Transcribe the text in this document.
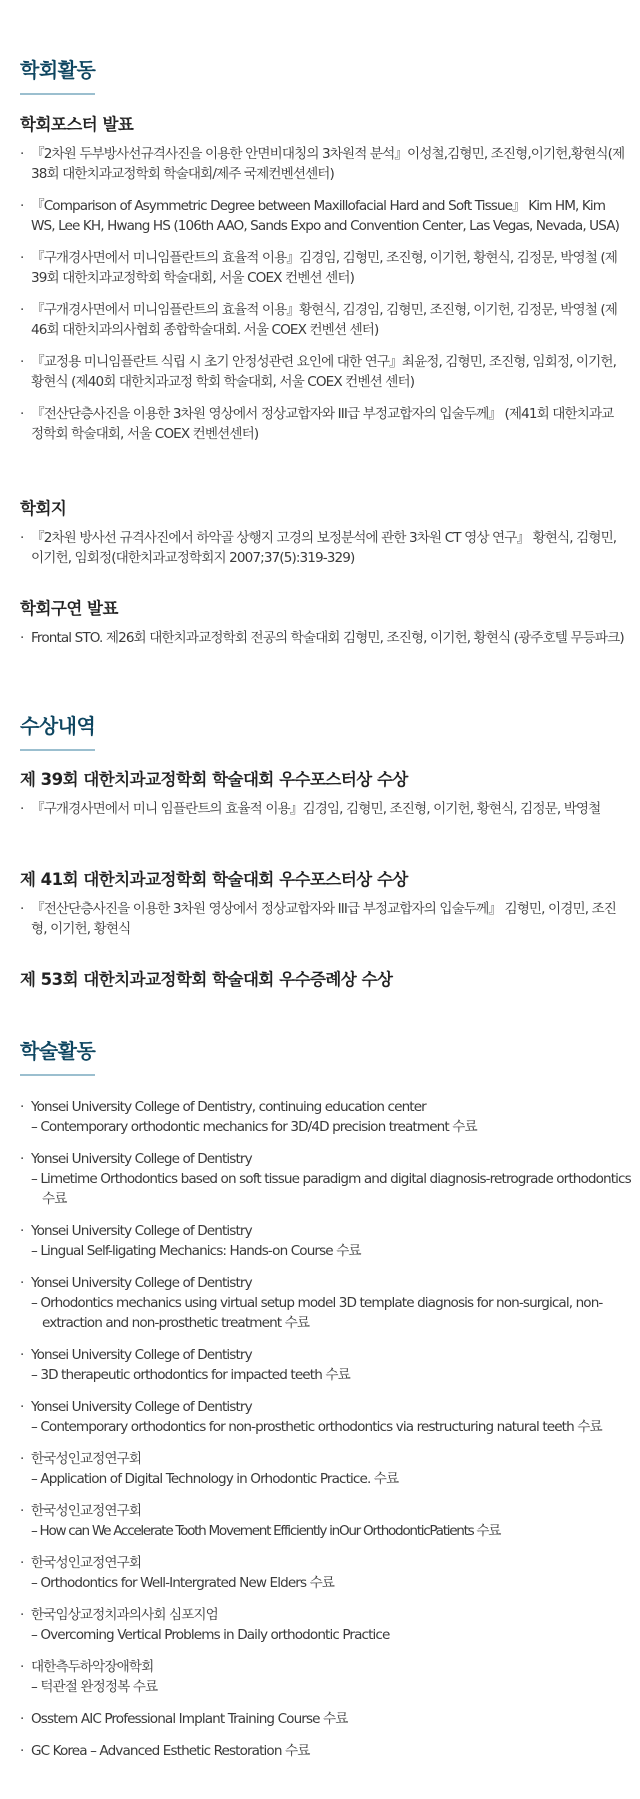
학회활동
학회포스터 발표
· 『2차원 두부방사선규격사진을 이용한 안면비대칭의 3차원적 분석』이성철,김형민, 조진형,이기헌,황현식(제38회 대한치과교정학회 학술대회/제주 국제컨벤션센터)
· 『Comparison of Asymmetric Degree between Maxillofacial Hard and Soft Tissue』 Kim HM, Kim WS, Lee KH, Hwang HS (106th AAO, Sands Expo and Convention Center, Las Vegas, Nevada, USA)
· 『구개경사면에서 미니임플란트의 효율적 이용』김경임, 김형민, 조진형, 이기헌, 황현식, 김정문, 박영철 (제39회 대한치과교정학회 학술대회, 서울 COEX 컨벤션 센터)
· 『구개경사면에서 미니임플란트의 효율적 이용』황현식, 김경임, 김형민, 조진형, 이기헌, 김정문, 박영철 (제46회 대한치과의사협회 종합학술대회. 서울 COEX 컨벤션 센터)
· 『교정용 미니임플란트 식립 시 초기 안정성관련 요인에 대한 연구』최윤정, 김형민, 조진형, 임회정, 이기헌, 황현식 (제40회 대한치과교정 학회 학술대회, 서울 COEX 컨벤션 센터)
· 『전산단층사진을 이용한 3차원 영상에서 정상교합자와 III급 부정교합자의 입술두께』 (제41회 대한치과교정학회 학술대회, 서울 COEX 컨벤션센터)
학회지
· 『2차원 방사선 규격사진에서 하악골 상행지 고경의 보정분석에 관한 3차원 CT 영상 연구』 황현식, 김형민, 이기헌, 임회정(대한치과교정학회지 2007;37(5):319-329)
학회구연 발표
· Frontal STO. 제26회 대한치과교정학회 전공의 학술대회 김형민, 조진형, 이기헌, 황현식 (광주호텔 무등파크)
수상내역
제 39회 대한치과교정학회 학술대회 우수포스터상 수상
· 『구개경사면에서 미니 임플란트의 효율적 이용』김경임, 김형민, 조진형, 이기헌, 황현식, 김정문, 박영철
제 41회 대한치과교정학회 학술대회 우수포스터상 수상
· 『전산단층사진을 이용한 3차원 영상에서 정상교합자와 III급 부정교합자의 입술두께』 김형민, 이경민, 조진형, 이기헌, 황현식
제 53회 대한치과교정학회 학술대회 우수증례상 수상
학술활동
· Yonsei University College of Dentistry, continuing education center
– Contemporary orthodontic mechanics for 3D/4D precision treatment 수료
· Yonsei University College of Dentistry
– Limetime Orthodontics based on soft tissue paradigm and digital diagnosis-retrograde orthodontics 수료
· Yonsei University College of Dentistry
– Lingual Self-ligating Mechanics: Hands-on Course 수료
· Yonsei University College of Dentistry
– Orhodontics mechanics using virtual setup model 3D template diagnosis for non-surgical, non-extraction and non-prosthetic treatment 수료
· Yonsei University College of Dentistry
– 3D therapeutic orthodontics for impacted teeth 수료
· Yonsei University College of Dentistry
– Contemporary orthodontics for non-prosthetic orthodontics via restructuring natural teeth 수료
· 한국성인교정연구회
– Application of Digital Technology in Orhodontic Practice. 수료
· 한국성인교정연구회
– How can We Accelerate Tooth Movement Efficiently inOur OrthodonticPatients 수료
· 한국성인교정연구회
– Orthodontics for Well-Intergrated New Elders 수료
· 한국임상교정치과의사회 심포지엄
– Overcoming Vertical Problems in Daily orthodontic Practice
· 대한측두하악장애학회
– 턱관절 완정정복 수료
· Osstem AIC Professional Implant Training Course 수료
· GC Korea – Advanced Esthetic Restoration 수료
